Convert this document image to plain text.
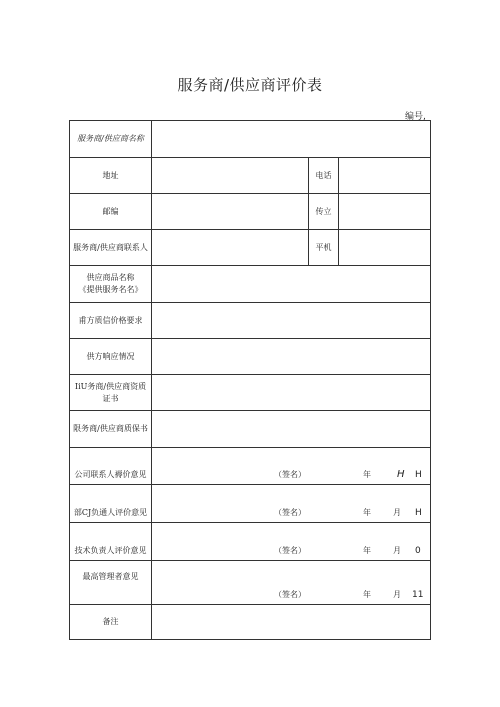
服务商/供应商评价表
编号,
服务商/供应商名称			
地址		电话	
邮编		传立	
服务商/供应商联系人		平机	

供应商品名称
《提供服务名名》			

甫方质信价格要求			
供方响应情况			

IiU务商/供应商资质
证书			

限务商/供应商质保书			
公司联系人褥价意见	（签名） 年 H H		

部CJ负通人评价意见	（签名） 年 月 H		

技术负责人评价意见	（签名） 年 月 0		

最高管理者意见	（签名） 年 月 11		

备注			
